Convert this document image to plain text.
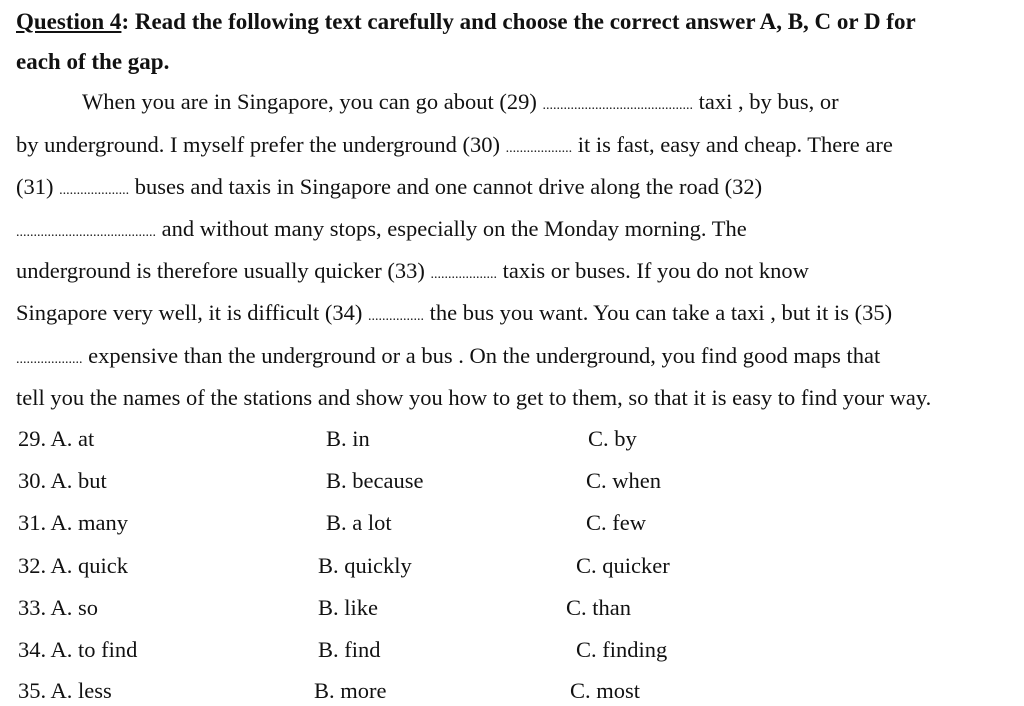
Question 4: Read the following text carefully and choose the correct answer A, B, C or D for
each of the gap.
When you are in Singapore, you can go about (29) ........................................... taxi , by bus, or
by underground. I myself prefer the underground (30) ................... it is fast, easy and cheap. There are
(31) .................... buses and taxis in Singapore and one cannot drive along the road (32)
........................................ and without many stops, especially on the Monday morning. The
underground is therefore usually quicker (33) ................... taxis or buses. If you do not know
Singapore very well, it is difficult (34) ................ the bus you want. You can take a taxi , but it is (35)
................... expensive than the underground or a bus . On the underground, you find good maps that
tell you the names of the stations and show you how to get to them, so that it is easy to find your way.
29. A. at	B. in	C. by
30. A. but	B. because	C. when
31. A. many	B. a lot	C. few
32. A. quick	B. quickly	C. quicker
33. A. so	B. like	C. than
34. A. to find	B. find	C. finding
35. A. less	B. more	C. most
